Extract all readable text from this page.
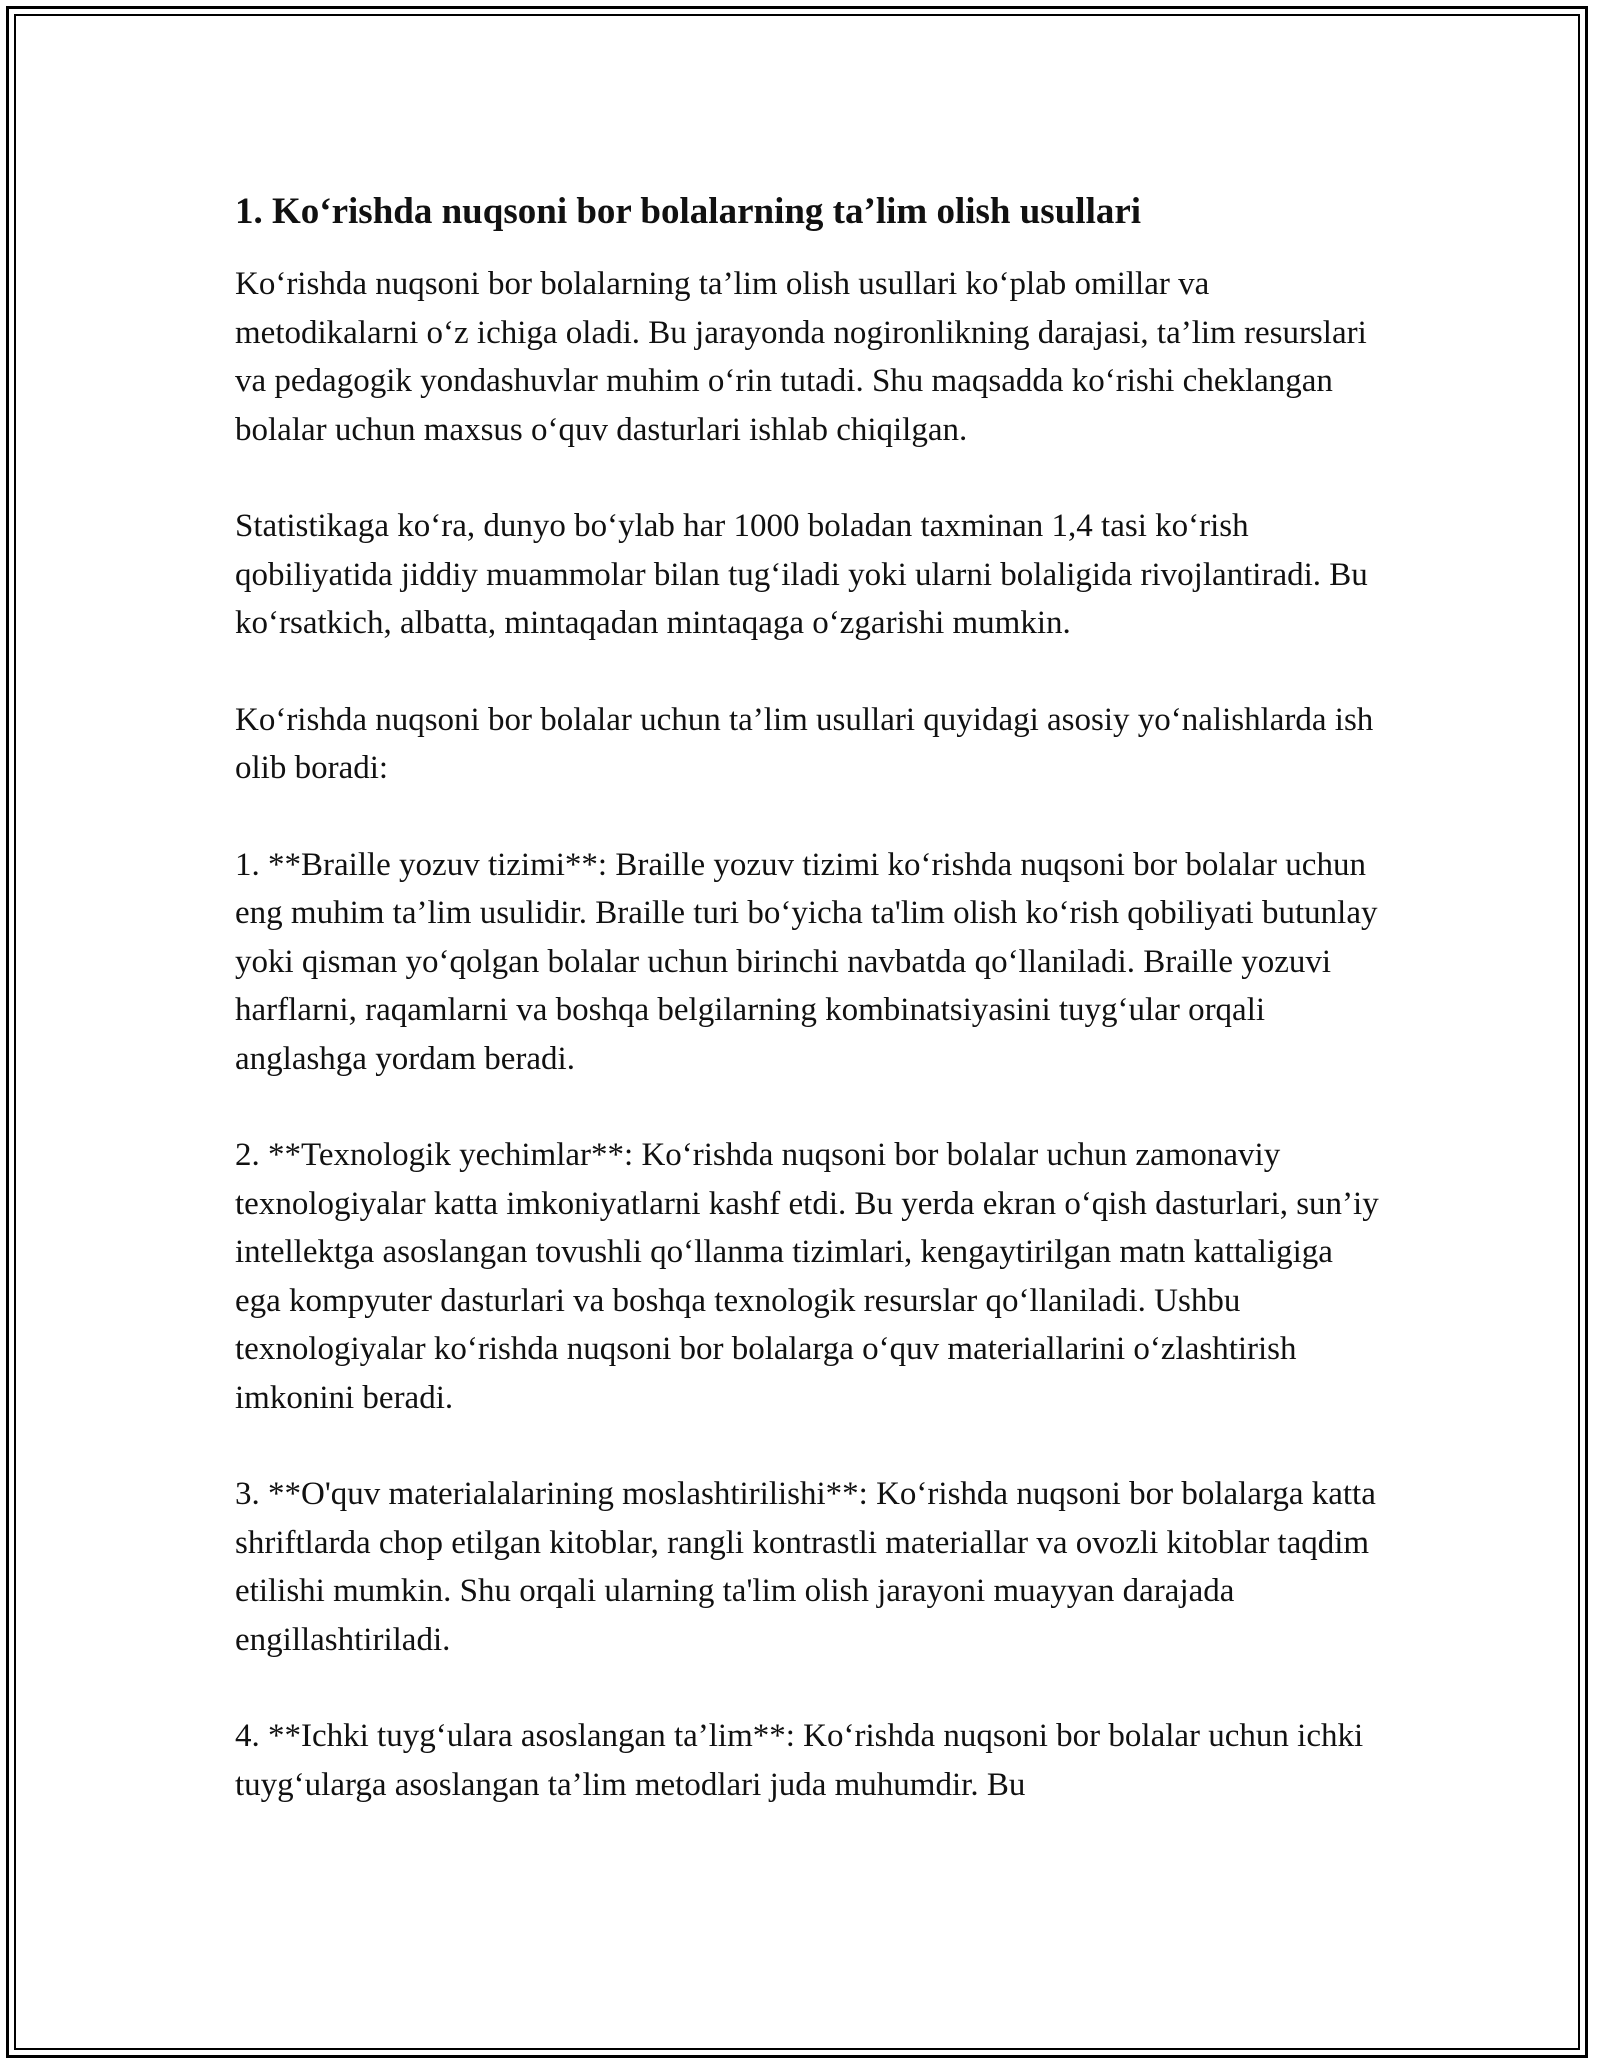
1. Ko‘rishda nuqsoni bor bolalarning ta’lim olish usullari

Ko‘rishda nuqsoni bor bolalarning ta’lim olish usullari ko‘plab omillar va metodikalarni o‘z ichiga oladi. Bu jarayonda nogironlikning darajasi, ta’lim resurslari va pedagogik yondashuvlar muhim o‘rin tutadi. Shu maqsadda ko‘rishi cheklangan bolalar uchun maxsus o‘quv dasturlari ishlab chiqilgan.

Statistikaga ko‘ra, dunyo bo‘ylab har 1000 boladan taxminan 1,4 tasi ko‘rish qobiliyatida jiddiy muammolar bilan tug‘iladi yoki ularni bolaligida rivojlantiradi. Bu ko‘rsatkich, albatta, mintaqadan mintaqaga o‘zgarishi mumkin.

Ko‘rishda nuqsoni bor bolalar uchun ta’lim usullari quyidagi asosiy yo‘nalishlarda ish olib boradi:

1. **Braille yozuv tizimi**: Braille yozuv tizimi ko‘rishda nuqsoni bor bolalar uchun eng muhim ta’lim usulidir. Braille turi bo‘yicha ta'lim olish ko‘rish qobiliyati butunlay yoki qisman yo‘qolgan bolalar uchun birinchi navbatda qo‘llaniladi. Braille yozuvi harflarni, raqamlarni va boshqa belgilarning kombinatsiyasini tuyg‘ular orqali anglashga yordam beradi.

2. **Texnologik yechimlar**: Ko‘rishda nuqsoni bor bolalar uchun zamonaviy texnologiyalar katta imkoniyatlarni kashf etdi. Bu yerda ekran o‘qish dasturlari, sun’iy intellektga asoslangan tovushli qo‘llanma tizimlari, kengaytirilgan matn kattaligiga ega kompyuter dasturlari va boshqa texnologik resurslar qo‘llaniladi. Ushbu texnologiyalar ko‘rishda nuqsoni bor bolalarga o‘quv materiallarini o‘zlashtirish imkonini beradi.

3. **O'quv materialalarining moslashtirilishi**: Ko‘rishda nuqsoni bor bolalarga katta shriftlarda chop etilgan kitoblar, rangli kontrastli materiallar va ovozli kitoblar taqdim etilishi mumkin. Shu orqali ularning ta'lim olish jarayoni muayyan darajada engillashtiriladi.

4. **Ichki tuyg‘ulara asoslangan ta’lim**: Ko‘rishda nuqsoni bor bolalar uchun ichki tuyg‘ularga asoslangan ta’lim metodlari juda muhumdir. Bu
